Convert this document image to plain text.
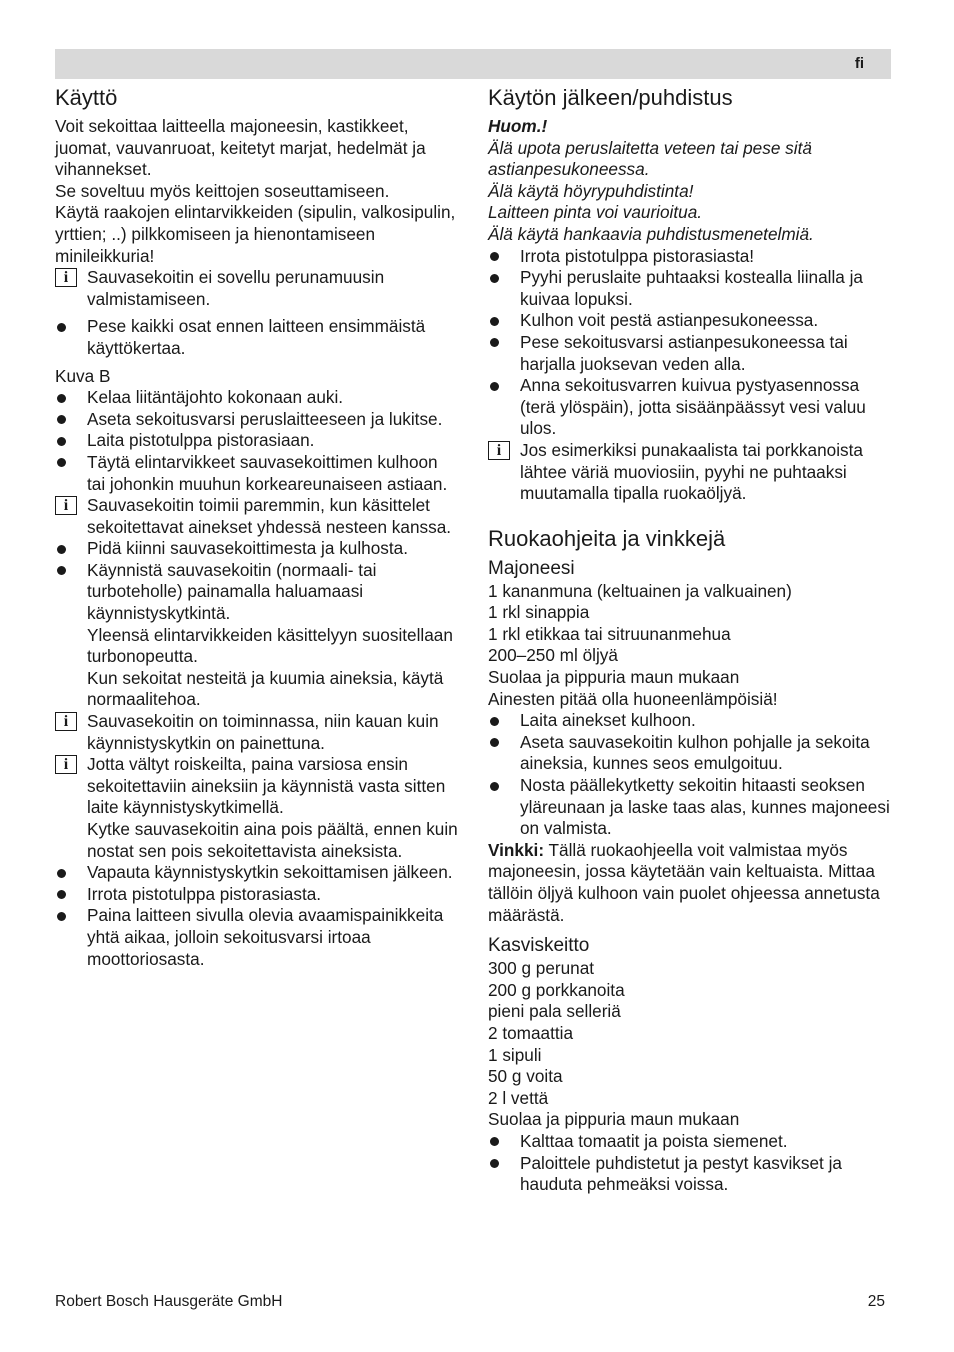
fi
Käyttö

Voit sekoittaa laitteella majoneesin, kastikkeet, juomat, vauvanruoat, keitetyt marjat, hedelmät ja vihannekset.

Se soveltuu myös keittojen soseuttamiseen.

Käytä raakojen elintarvikkeiden (sipulin, valkosipulin, yrttien; ..) pilkkomiseen ja hienontamiseen minileikkuria!

i	Sauvasekoitin ei sovellu perunamuusin valmistamiseen.
Pese kaikki osat ennen laitteen ensimmäistä käyttökertaa.

Kuva B

Kelaa liitäntäjohto kokonaan auki.
Aseta sekoitusvarsi peruslaitteeseen ja lukitse.
Laita pistotulppa pistorasiaan.
Täytä elintarvikkeet sauvasekoittimen kulhoon tai johonkin muuhun korkeareunaiseen astiaan.
i	Sauvasekoitin toimii paremmin, kun käsittelet sekoitettavat ainekset yhdessä nesteen kanssa.
Pidä kiinni sauvasekoittimesta ja kulhosta.
Käynnistä sauvasekoitin (normaali- tai turboteholle) painamalla haluamaasi käynnistyskytkintä.
Yleensä elintarvikkeiden käsittelyyn suositellaan turbonopeutta.
Kun sekoitat nesteitä ja kuumia aineksia, käytä normaalitehoa.
i	Sauvasekoitin on toiminnassa, niin kauan kuin käynnistyskytkin on painettuna.
i	Jotta vältyt roiskeilta, paina varsiosa ensin sekoitettaviin aineksiin ja käynnistä vasta sitten laite käynnistyskytkimellä.
Kytke sauvasekoitin aina pois päältä, ennen kuin nostat sen pois sekoitettavista aineksista.
Vapauta käynnistyskytkin sekoittamisen jälkeen.
Irrota pistotulppa pistorasiasta.
Paina laitteen sivulla olevia avaamispainikkeita yhtä aikaa, jolloin sekoitusvarsi irtoaa moottoriosasta.
Käytön jälkeen/puhdistus

Huom.!

Älä upota peruslaitetta veteen tai pese sitä astianpesukoneessa.

Älä käytä höyrypuhdistinta!

Laitteen pinta voi vaurioitua.

Älä käytä hankaavia puhdistusmenetelmiä.

Irrota pistotulppa pistorasiasta!
Pyyhi peruslaite puhtaaksi kostealla liinalla ja kuivaa lopuksi.
Kulhon voit pestä astianpesukoneessa.
Pese sekoitusvarsi astianpesukoneessa tai harjalla juoksevan veden alla.
Anna sekoitusvarren kuivua pystyasennossa (terä ylöspäin), jotta sisäänpäässyt vesi valuu ulos.
i	Jos esimerkiksi punakaalista tai porkkanoista lähtee väriä muoviosiin, pyyhi ne puhtaaksi muutamalla tipalla ruokaöljyä.
Ruokaohjeita ja vinkkejä
Majoneesi

1 kananmuna (keltuainen ja valkuainen)

1 rkl sinappia

1 rkl etikkaa tai sitruunanmehua

200–250 ml öljyä

Suolaa ja pippuria maun mukaan

Ainesten pitää olla huoneenlämpöisiä!

Laita ainekset kulhoon.
Aseta sauvasekoitin kulhon pohjalle ja sekoita aineksia, kunnes seos emulgoituu.
Nosta päällekytketty sekoitin hitaasti seoksen yläreunaan ja laske taas alas, kunnes majoneesi on valmista.

Vinkki: Tällä ruokaohjeella voit valmistaa myös majoneesin, jossa käytetään vain keltuaista. Mittaa tällöin öljyä kulhoon vain puolet ohjeessa annetusta määrästä.

Kasviskeitto

300 g perunat

200 g porkkanoita

pieni pala selleriä

2 tomaattia

1 sipuli

50 g voita

2 l vettä

Suolaa ja pippuria maun mukaan

Kalttaa tomaatit ja poista siemenet.
Paloittele puhdistetut ja pestyt kasvikset ja hauduta pehmeäksi voissa.
Robert Bosch Hausgeräte GmbH	25
